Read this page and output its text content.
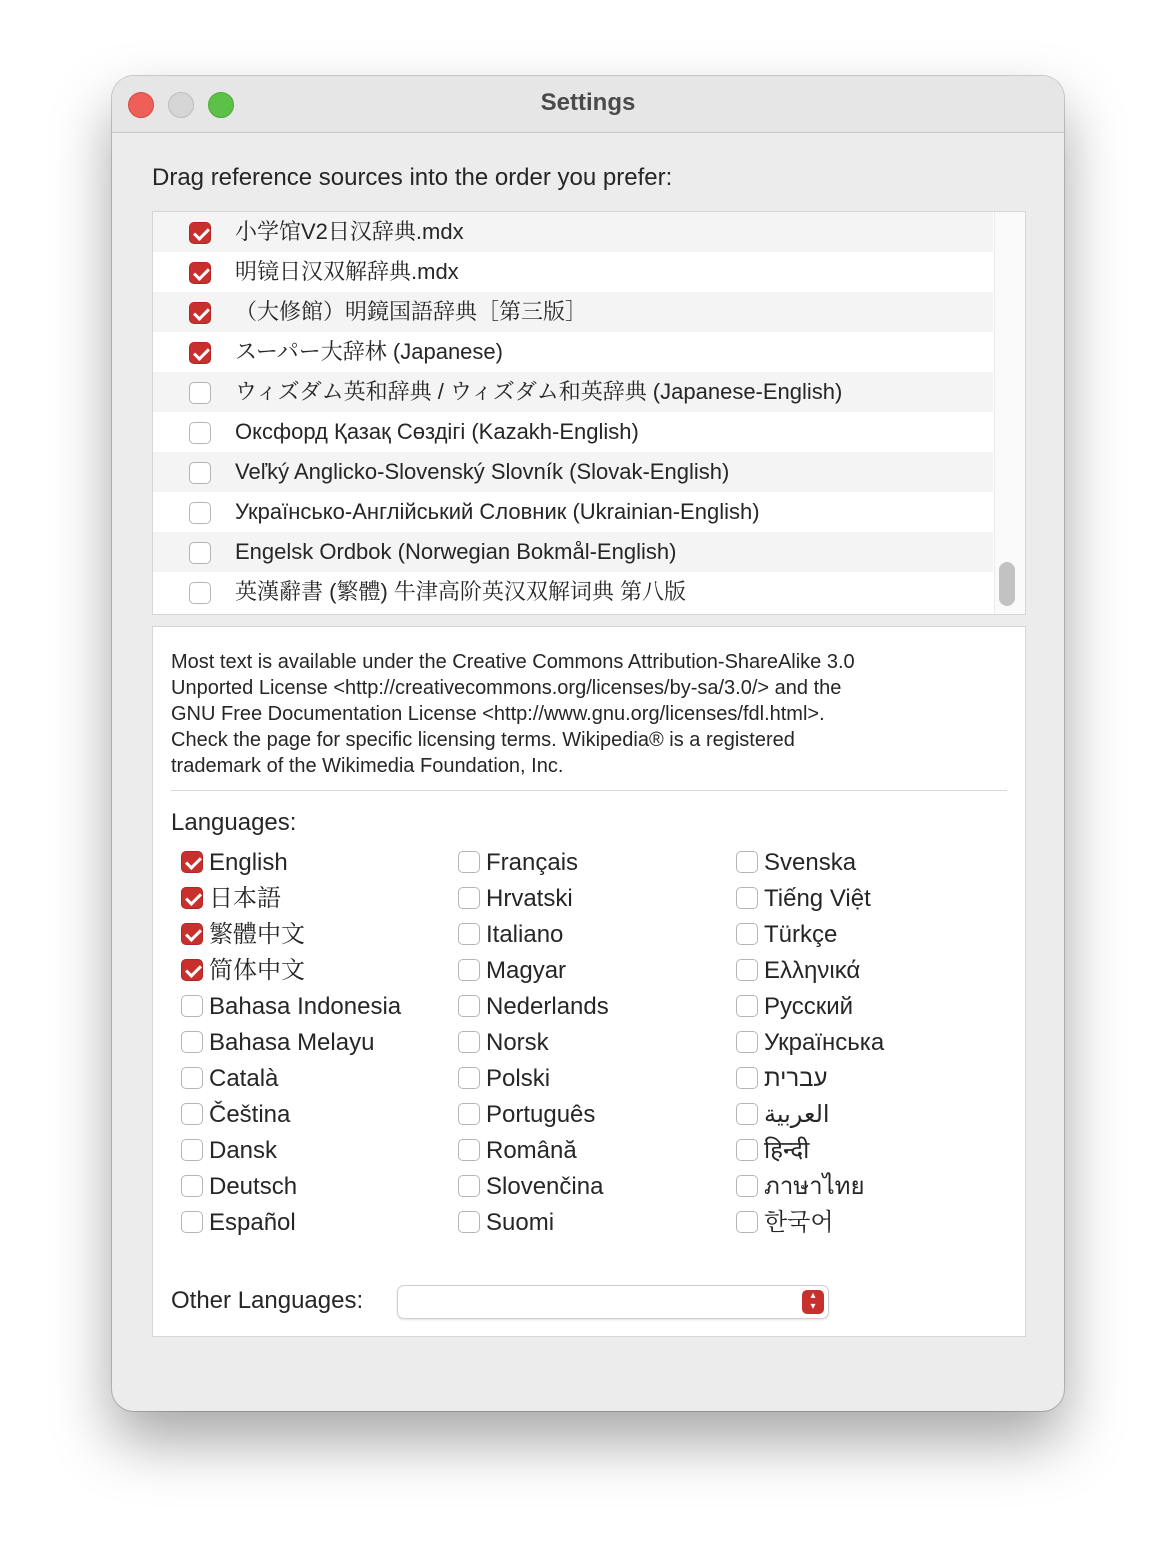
Settings
Drag reference sources into the order you prefer:
小学馆V2日汉辞典.mdx
明镜日汉双解辞典.mdx
（大修館）明鏡国語辞典［第三版］
スーパー大辞林 (Japanese)
ウィズダム英和辞典 / ウィズダム和英辞典 (Japanese-English)
Оксфорд Қазақ Сөздігі (Kazakh-English)
Veľký Anglicko-Slovenský Slovník (Slovak-English)
Українсько-Англійський Словник (Ukrainian-English)
Engelsk Ordbok (Norwegian Bokmål-English)
英漢辭書 (繁體) 牛津高阶英汉双解词典 第八版
Most text is available under the Creative Commons Attribution-ShareAlike 3.0
Unported License <http://creativecommons.org/licenses/by-sa/3.0/> and the
GNU Free Documentation License <http://www.gnu.org/licenses/fdl.html>.
Check the page for specific licensing terms. Wikipedia® is a registered
trademark of the Wikimedia Foundation, Inc.
Languages:
English
日本語
繁體中文
简体中文
Bahasa Indonesia
Bahasa Melayu
Català
Čeština
Dansk
Deutsch
Español
Français
Hrvatski
Italiano
Magyar
Nederlands
Norsk
Polski
Português
Română
Slovenčina
Suomi
Svenska
Tiếng Việt
Türkçe
Ελληνικά
Русский
Українська
עברית
العربية
हिन्दी
ภาษาไทย
한국어
Other Languages:	▴
▾
